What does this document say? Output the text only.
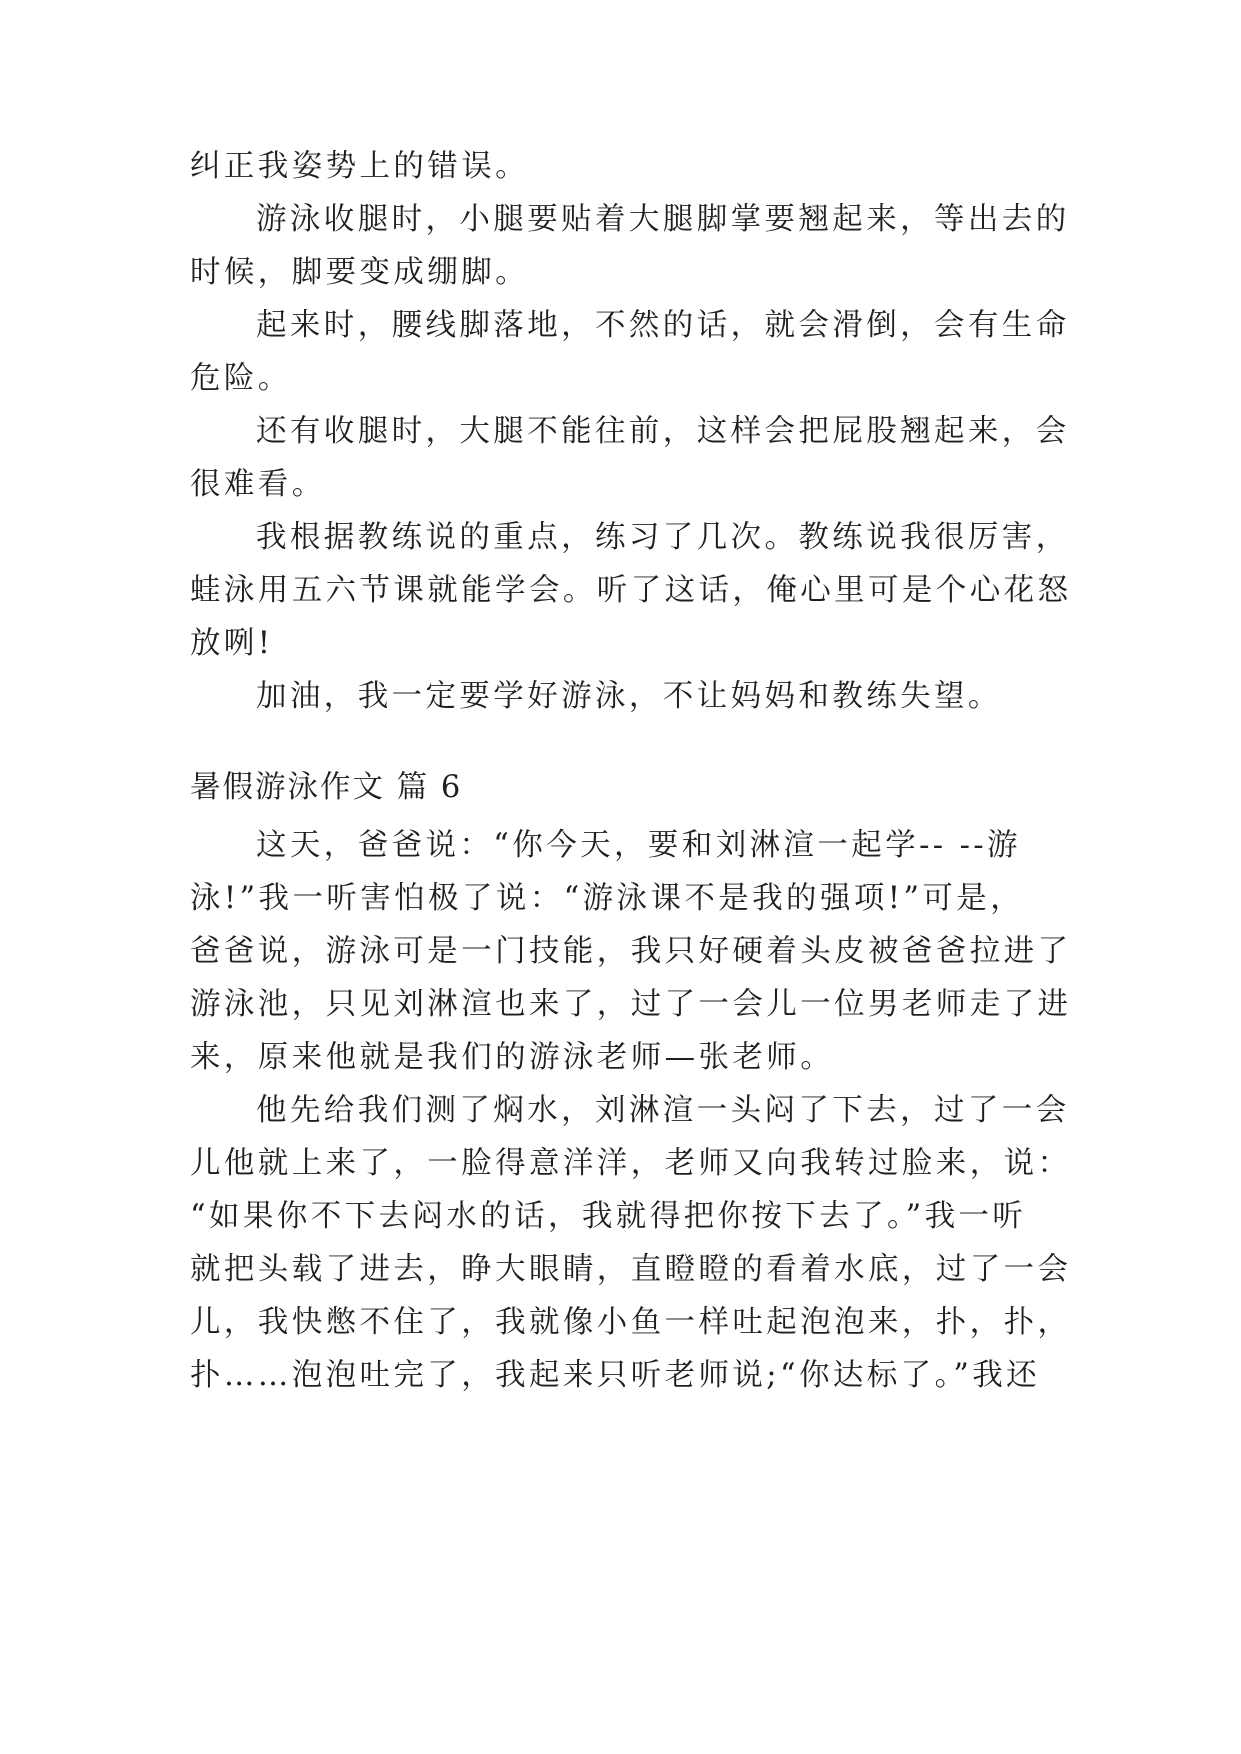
纠正我姿势上的错误。

游泳收腿时，小腿要贴着大腿脚掌要翘起来，等出去的

时候，脚要变成绷脚。

起来时，腰线脚落地，不然的话，就会滑倒，会有生命

危险。

还有收腿时，大腿不能往前，这样会把屁股翘起来，会

很难看。

我根据教练说的重点，练习了几次。教练说我很厉害，

蛙泳用五六节课就能学会。听了这话，俺心里可是个心花怒

放咧!

加油，我一定要学好游泳，不让妈妈和教练失望。

暑假游泳作文 篇 6

这天，爸爸说：“你今天，要和刘淋渲一起学-- --游

泳!”我一听害怕极了说：“游泳课不是我的强项!”可是，

爸爸说，游泳可是一门技能，我只好硬着头皮被爸爸拉进了

游泳池，只见刘淋渲也来了，过了一会儿一位男老师走了进

来，原来他就是我们的游泳老师—张老师。

他先给我们测了焖水，刘淋渲一头闷了下去，过了一会

儿他就上来了，一脸得意洋洋，老师又向我转过脸来，说：

“如果你不下去闷水的话，我就得把你按下去了。”我一听

就把头载了进去，睁大眼睛，直瞪瞪的看着水底，过了一会

儿，我快憋不住了，我就像小鱼一样吐起泡泡来，扑，扑，

扑……泡泡吐完了，我起来只听老师说;“你达标了。”我还
